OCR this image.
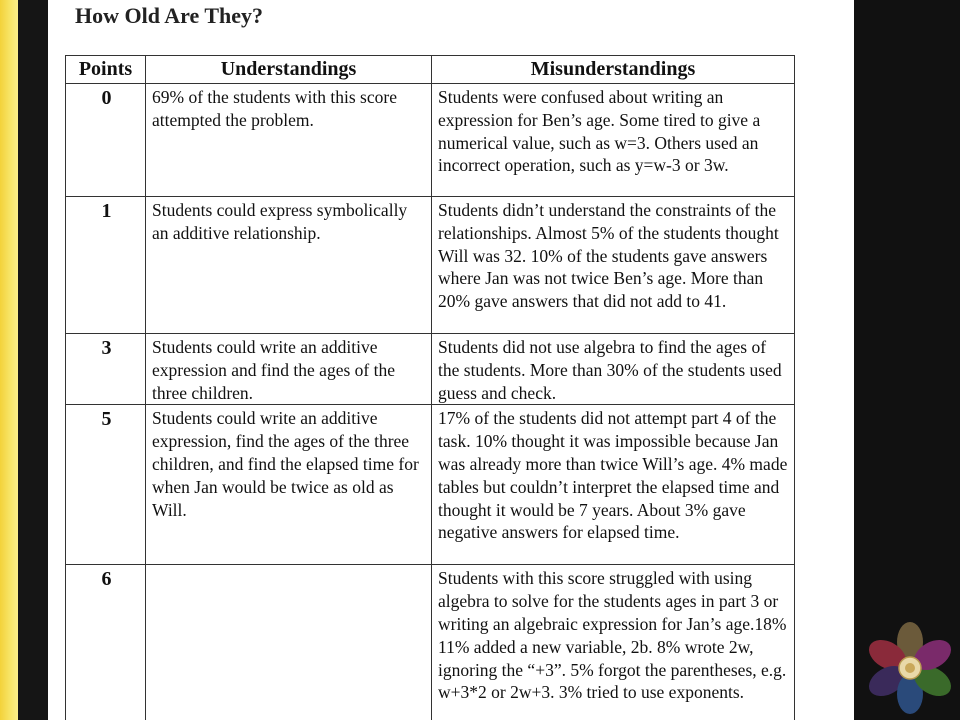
How Old Are They?
Points	Understandings	Misunderstandings
0	69% of the students with this score attempted the problem.	Students were confused about writing an expression for Ben’s age. Some tired to give a numerical value, such as w=3. Others used an incorrect operation, such as y=w-3 or 3w.
1	Students could express symbolically an additive relationship.	Students didn’t understand the constraints of the relationships. Almost 5% of the students thought Will was 32. 10% of the students gave answers where Jan was not twice Ben’s age. More than 20% gave answers that did not add to 41.
3	Students could write an additive expression and find the ages of the three children.	Students did not use algebra to find the ages of the students. More than 30% of the students used guess and check.
5	Students could write an additive expression, find the ages of the three children, and find the elapsed time for when Jan would be twice as old as Will.	17% of the students did not attempt part 4 of the task. 10% thought it was impossible because Jan was already more than twice Will’s age. 4% made tables but couldn’t interpret the elapsed time and thought it would be 7 years. About 3% gave negative answers for elapsed time.
6		Students with this score struggled with using algebra to solve for the students ages in part 3 or writing an algebraic expression for Jan’s age.18% 11% added a new variable, 2b. 8% wrote 2w, ignoring the “+3”. 5% forgot the parentheses, e.g. w+3*2 or 2w+3. 3% tried to use exponents.
